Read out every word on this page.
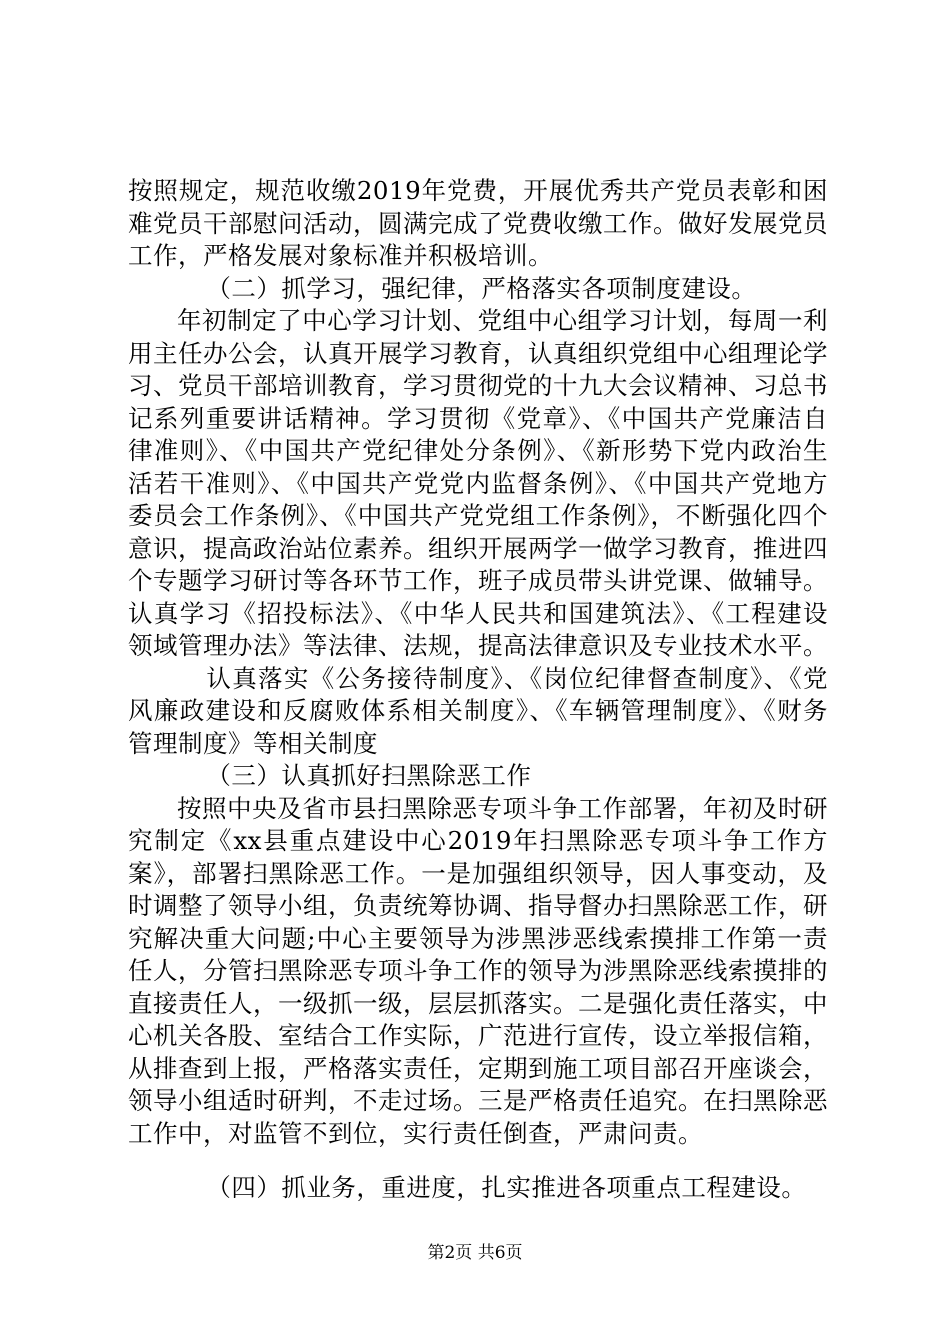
按照规定，规范收缴2019年党费，开展优秀共产党员表彰和困难党员干部慰问活动，圆满完成了党费收缴工作。做好发展党员工作，严格发展对象标准并积极培训。

（二）抓学习，强纪律，严格落实各项制度建设。

年初制定了中心学习计划、党组中心组学习计划，每周一利用主任办公会，认真开展学习教育，认真组织党组中心组理论学习、党员干部培训教育，学习贯彻党的十九大会议精神、习总书记系列重要讲话精神。学习贯彻《党章》、《中国共产党廉洁自律准则》、《中国共产党纪律处分条例》、《新形势下党内政治生活若干准则》、《中国共产党党内监督条例》、《中国共产党地方委员会工作条例》、《中国共产党党组工作条例》，不断强化四个意识，提高政治站位素养。组织开展两学一做学习教育，推进四个专题学习研讨等各环节工作，班子成员带头讲党课、做辅导。认真学习《招投标法》、《中华人民共和国建筑法》、《工程建设领域管理办法》等法律、法规，提高法律意识及专业技术水平。

认真落实《公务接待制度》、《岗位纪律督查制度》、《党风廉政建设和反腐败体系相关制度》、《车辆管理制度》、《财务管理制度》等相关制度

（三）认真抓好扫黑除恶工作

按照中央及省市县扫黑除恶专项斗争工作部署，年初及时研究制定《xx县重点建设中心2019年扫黑除恶专项斗争工作方案》，部署扫黑除恶工作。一是加强组织领导，因人事变动，及时调整了领导小组，负责统筹协调、指导督办扫黑除恶工作，研究解决重大问题;中心主要领导为涉黑涉恶线索摸排工作第一责任人，分管扫黑除恶专项斗争工作的领导为涉黑除恶线索摸排的直接责任人，一级抓一级，层层抓落实。二是强化责任落实，中心机关各股、室结合工作实际，广范进行宣传，设立举报信箱，从排查到上报，严格落实责任，定期到施工项目部召开座谈会，领导小组适时研判，不走过场。三是严格责任追究。在扫黑除恶工作中，对监管不到位，实行责任倒查，严肃问责。

（四）抓业务，重进度，扎实推进各项重点工程建设。

第2页 共6页
